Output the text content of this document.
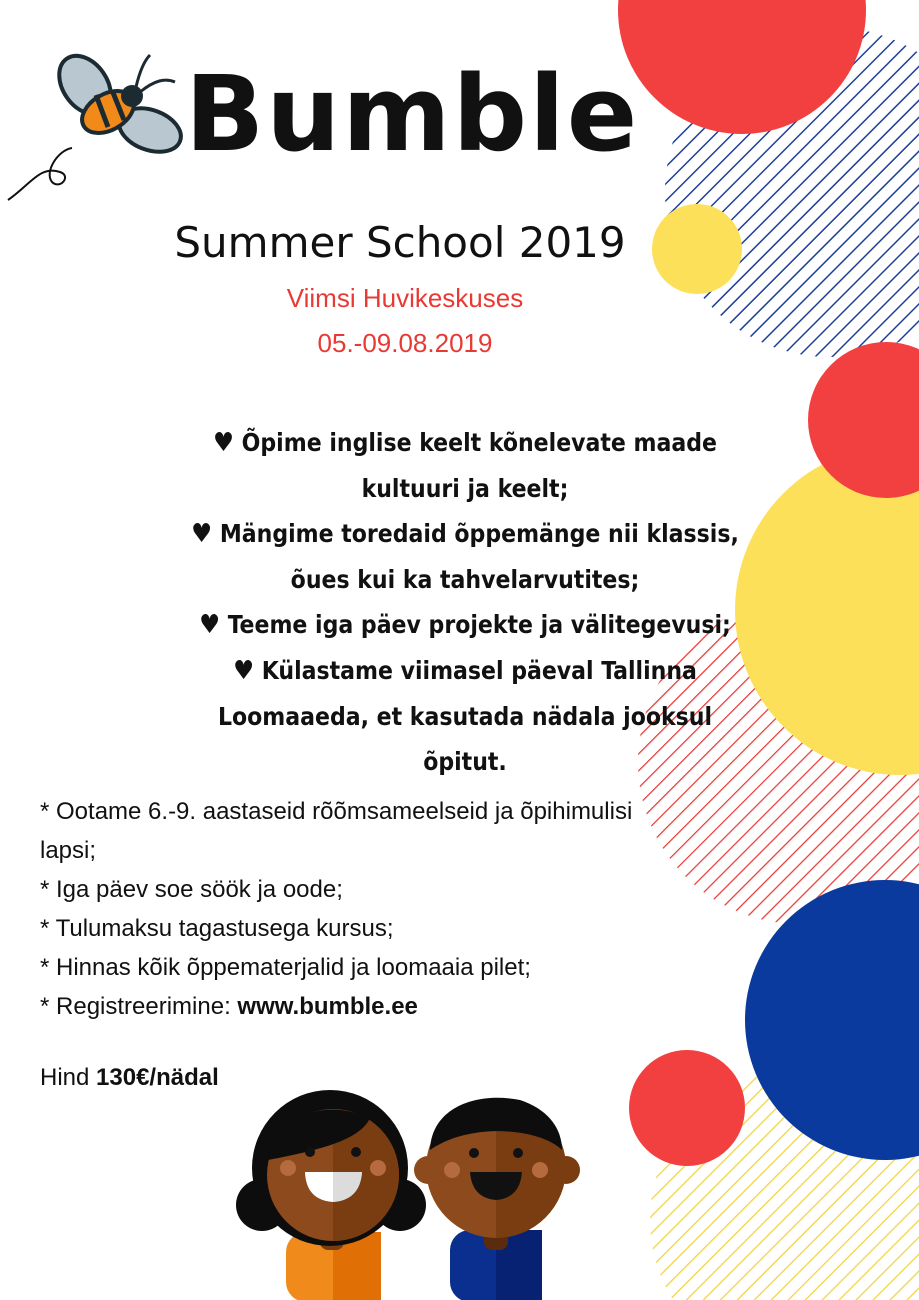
Bumble
Summer School 2019
Viimsi Huvikeskuses
05.-09.08.2019
♥ Õpime inglise keelt kõnelevate maade kultuuri ja keelt;
♥ Mängime toredaid õppemänge nii klassis, õues kui ka tahvelarvutites;
♥ Teeme iga päev projekte ja välitegevusi;
♥ Külastame viimasel päeval Tallinna Loomaaeda, et kasutada nädala jooksul õpitut.
* Ootame 6.-9. aastaseid rõõmsameelseid ja õpihimulisi lapsi;
* Iga päev soe söök ja oode;
* Tulumaksu tagastusega kursus;
* Hinnas kõik õppematerjalid ja loomaaia pilet;
* Registreerimine: www.bumble.ee
Hind 130€/nädal
